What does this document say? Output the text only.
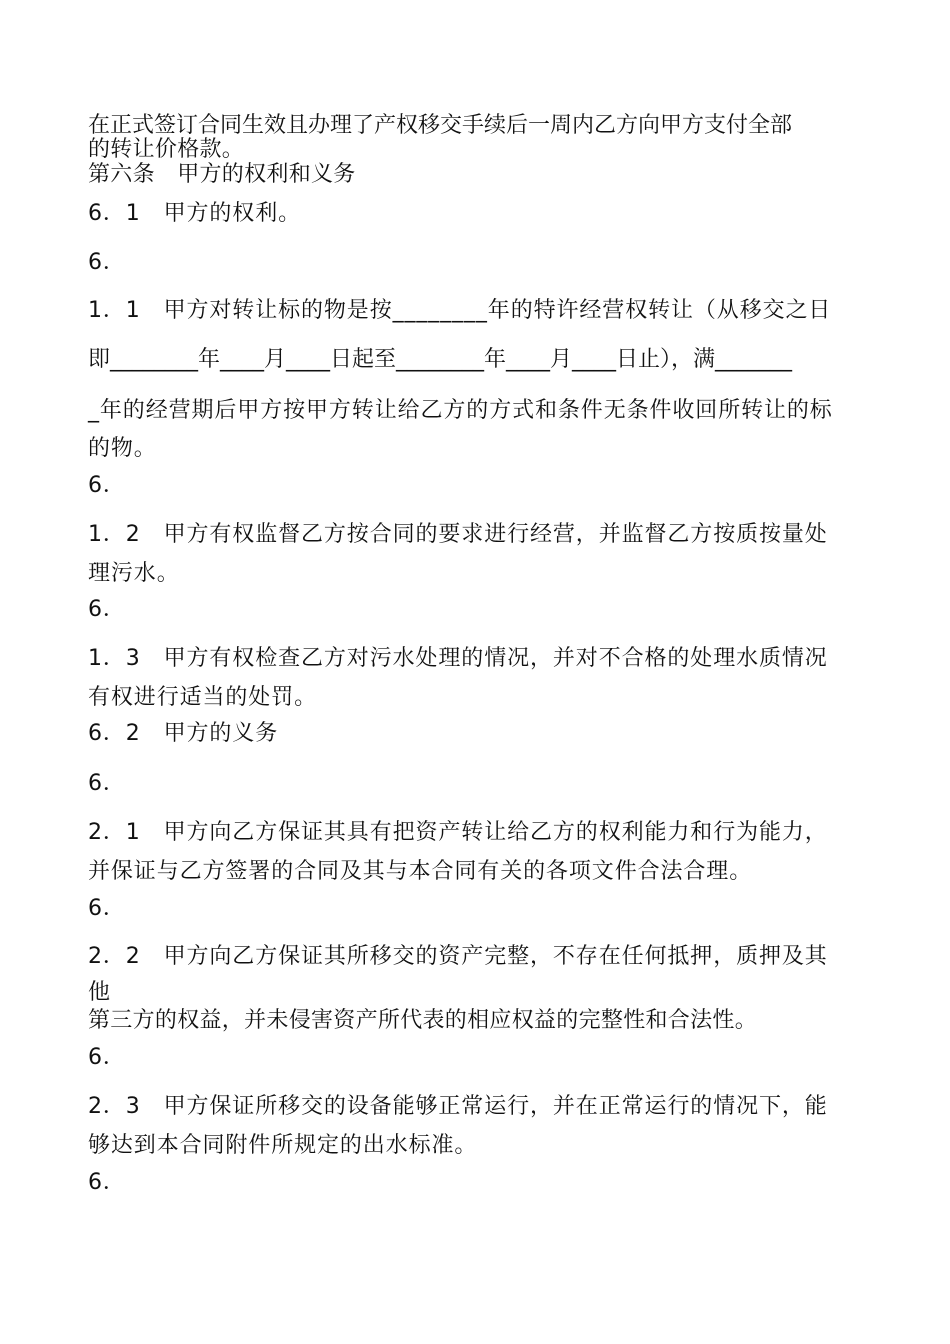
在正式签订合同生效且办理了产权移交手续后一周内乙方向甲方支付全部
的转让价格款。
第六条　甲方的权利和义务
6．1　甲方的权利。
6．
1．1　甲方对转让标的物是按________年的特许经营权转让（从移交之日
即________年____月____日起至________年____月____日止），满_______
_年的经营期后甲方按甲方转让给乙方的方式和条件无条件收回所转让的标
的物。
6．
1．2　甲方有权监督乙方按合同的要求进行经营，并监督乙方按质按量处
理污水。
6．
1．3　甲方有权检查乙方对污水处理的情况，并对不合格的处理水质情况
有权进行适当的处罚。
6．2　甲方的义务
6．
2．1　甲方向乙方保证其具有把资产转让给乙方的权利能力和行为能力，
并保证与乙方签署的合同及其与本合同有关的各项文件合法合理。
6．
2．2　甲方向乙方保证其所移交的资产完整，不存在任何抵押，质押及其
他
第三方的权益，并未侵害资产所代表的相应权益的完整性和合法性。
6．
2．3　甲方保证所移交的设备能够正常运行，并在正常运行的情况下，能
够达到本合同附件所规定的出水标准。
6．
